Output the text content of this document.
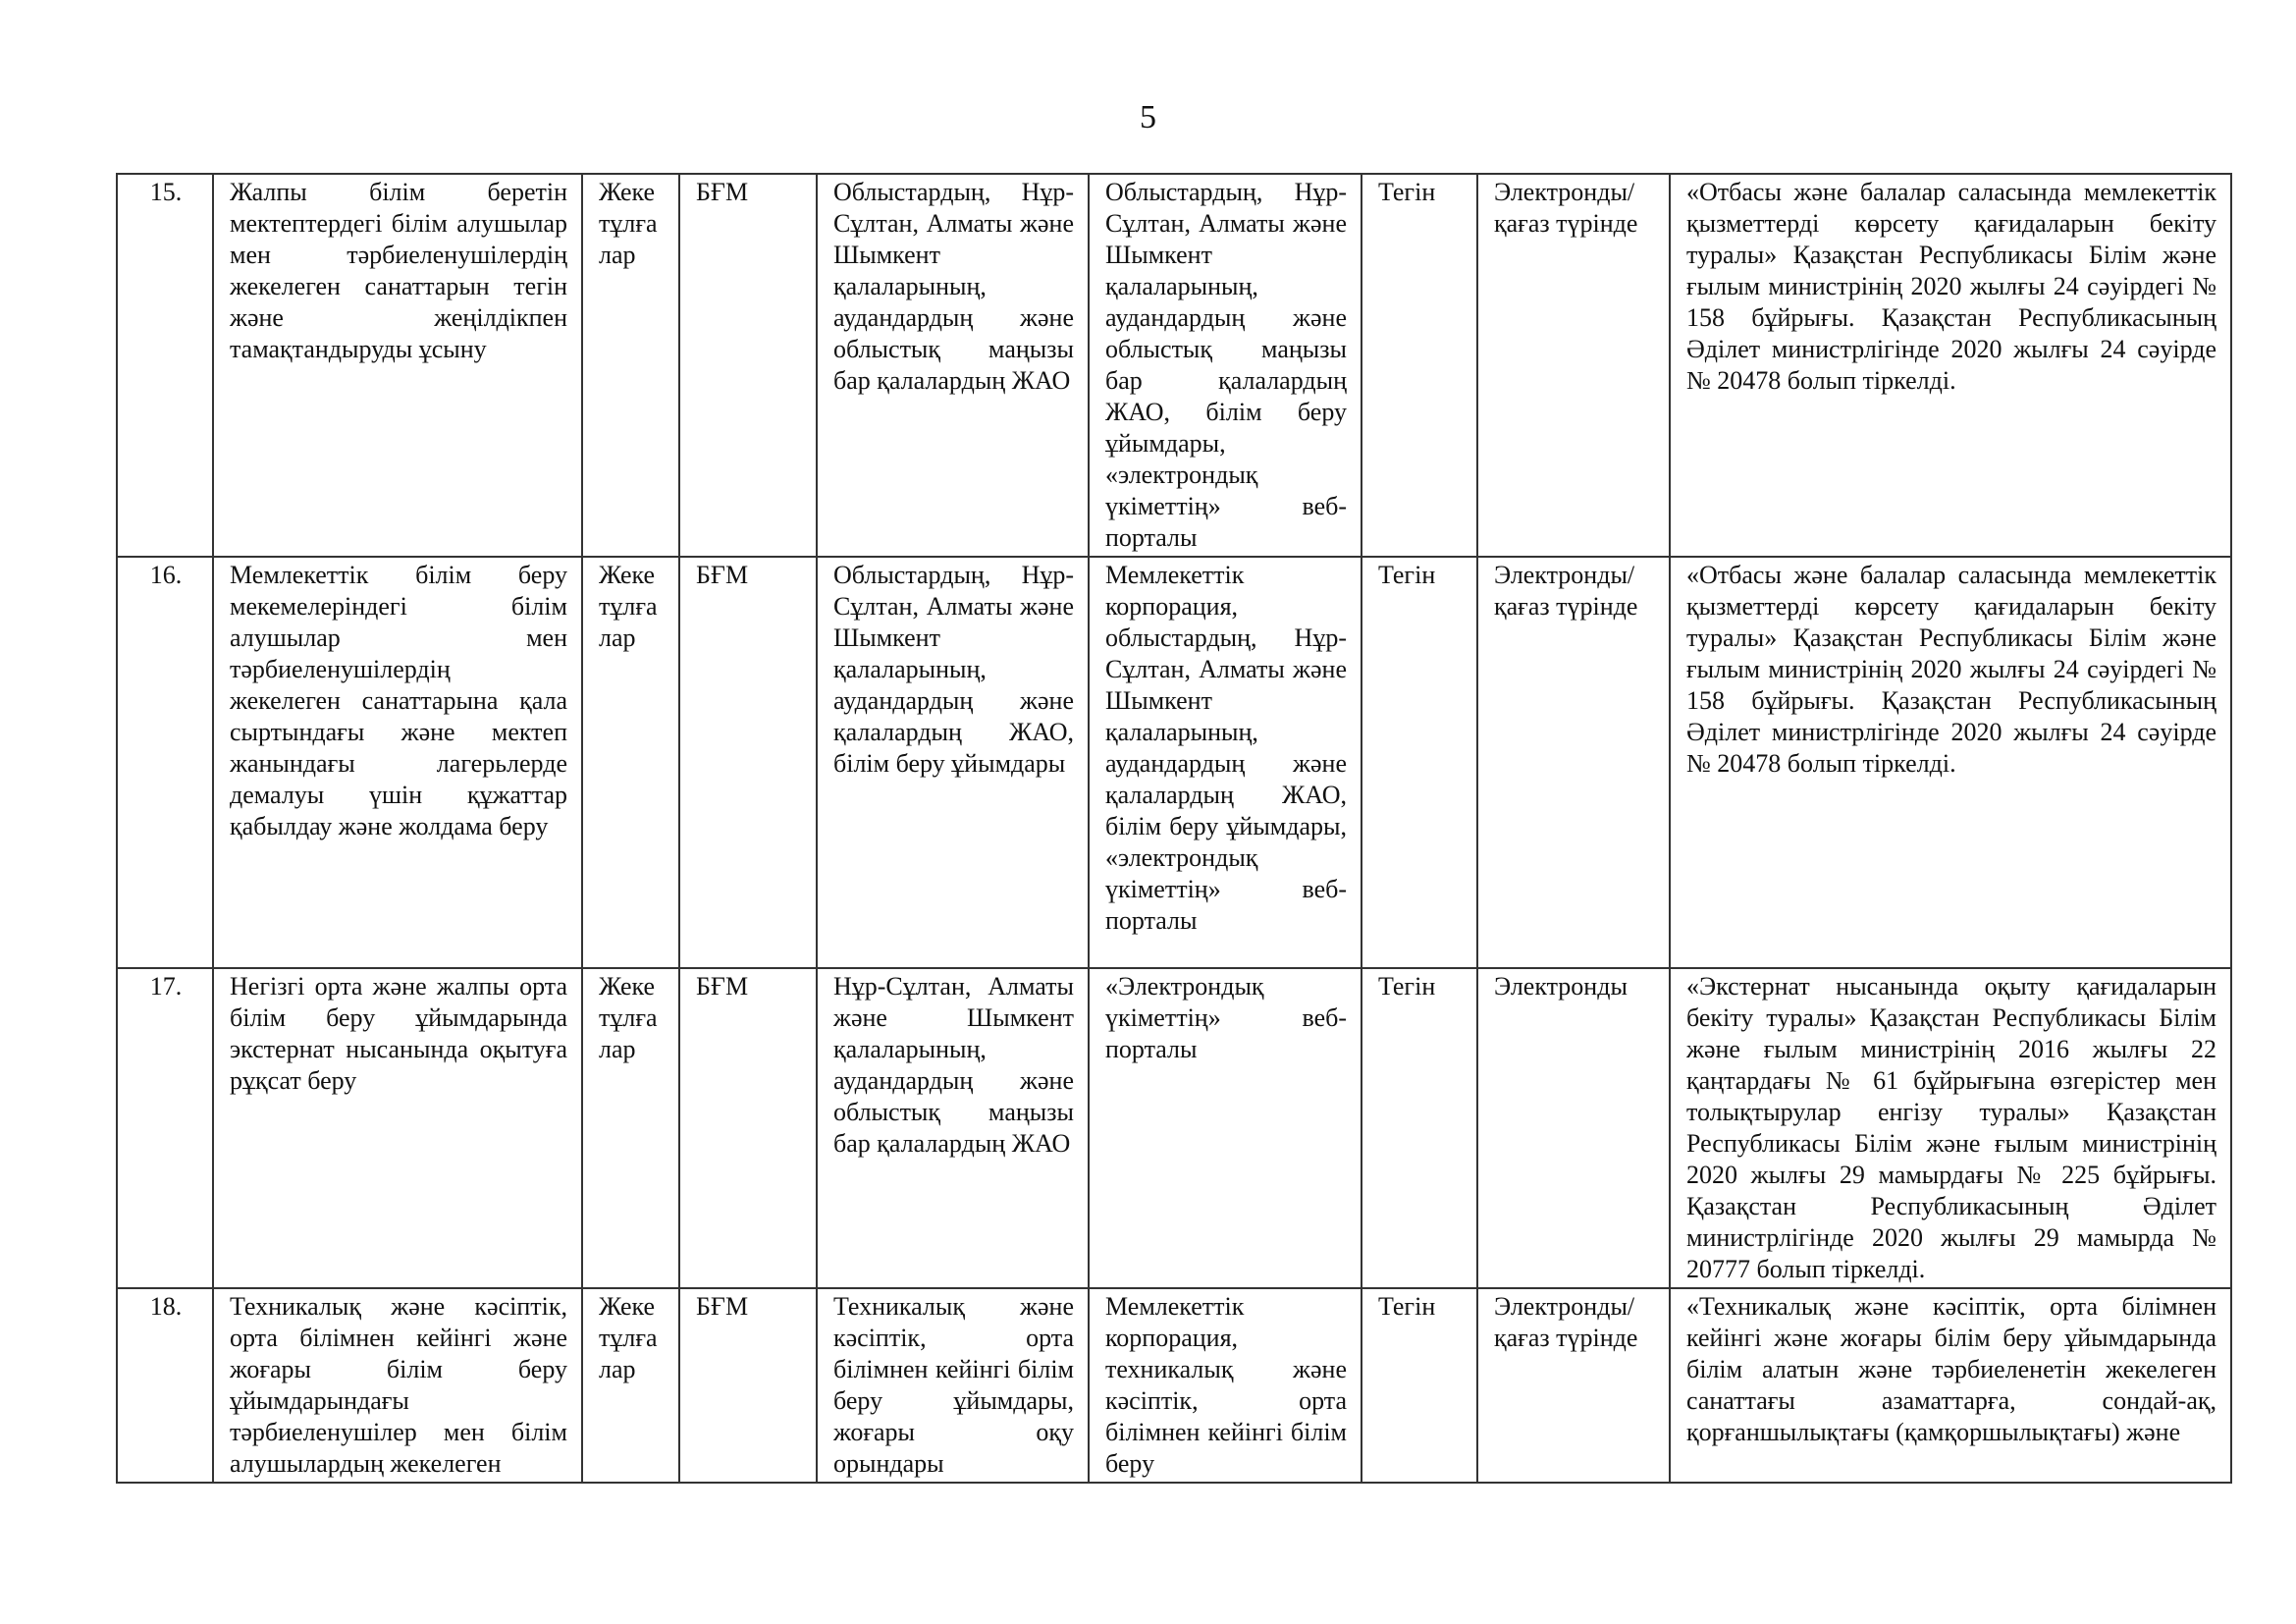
5
15.	Жалпы білім беретін мектептердегі білім алушылар мен тәрбиеленушілердің жекелеген санаттарын тегін және жеңілдікпен тамақтандыруды ұсыну	Жеке тұлға лар	БҒМ	Облыстардың, Нұр-Сұлтан, Алматы және Шымкент қалаларының, аудандардың және облыстық маңызы бар қалалардың ЖАО	Облыстардың, Нұр-Сұлтан, Алматы және Шымкент қалаларының, аудандардың және облыстық маңызы бар қалалардың ЖАО, білім беру ұйымдары, «электрондық үкіметтің» веб-порталы	Тегін	Электронды/ қағаз түрінде	«Отбасы және балалар саласында мемлекеттік қызметтерді көрсету қағидаларын бекіту туралы» Қазақстан Республикасы Білім және ғылым министрінің 2020 жылғы 24 сәуірдегі № 158 бұйрығы. Қазақстан Республикасының Әділет министрлігінде 2020 жылғы 24 сәуірде № 20478 болып тіркелді.
16.	Мемлекеттік білім беру мекемелеріндегі білім алушылар мен тәрбиеленушілердің жекелеген санаттарына қала сыртындағы және мектеп жанындағы лагерьлерде демалуы үшін құжаттар қабылдау және жолдама беру	Жеке тұлға лар	БҒМ	Облыстардың, Нұр-Сұлтан, Алматы және Шымкент қалаларының, аудандардың және қалалардың ЖАО, білім беру ұйымдары	Мемлекеттік корпорация, облыстардың, Нұр-Сұлтан, Алматы және Шымкент қалаларының, аудандардың және қалалардың ЖАО, білім беру ұйымдары, «электрондық үкіметтің» веб-порталы	Тегін	Электронды/ қағаз түрінде	«Отбасы және балалар саласында мемлекеттік қызметтерді көрсету қағидаларын бекіту туралы» Қазақстан Республикасы Білім және ғылым министрінің 2020 жылғы 24 сәуірдегі № 158 бұйрығы. Қазақстан Республикасының Әділет министрлігінде 2020 жылғы 24 сәуірде № 20478 болып тіркелді.
17.	Негізгі орта және жалпы орта білім беру ұйымдарында экстернат нысанында оқытуға рұқсат беру	Жеке тұлға лар	БҒМ	Нұр-Сұлтан, Алматы және Шымкент қалаларының, аудандардың және облыстық маңызы бар қалалардың ЖАО	«Электрондық үкіметтің» веб-порталы	Тегін	Электронды	«Экстернат нысанында оқыту қағидаларын бекіту туралы» Қазақстан Республикасы Білім және ғылым министрінің 2016 жылғы 22 қаңтардағы № 61 бұйрығына өзгерістер мен толықтырулар енгізу туралы» Қазақстан Республикасы Білім және ғылым министрінің 2020 жылғы 29 мамырдағы № 225 бұйрығы. Қазақстан Республикасының Әділет министрлігінде 2020 жылғы 29 мамырда № 20777 болып тіркелді.
18.	Техникалық және кәсіптік, орта білімнен кейінгі және жоғары білім беру ұйымдарындағы тәрбиеленушілер мен білім алушылардың жекелеген	Жеке тұлға лар	БҒМ	Техникалық және кәсіптік, орта білімнен кейінгі білім беру ұйымдары, жоғары оқу орындары	Мемлекеттік корпорация, техникалық және кәсіптік, орта білімнен кейінгі білім беру	Тегін	Электронды/ қағаз түрінде	«Техникалық және кәсіптік, орта білімнен кейінгі және жоғары білім беру ұйымдарында білім алатын және тәрбиеленетін жекелеген санаттағы азаматтарға, сондай-ақ, қорғаншылықтағы (қамқоршылықтағы) және
